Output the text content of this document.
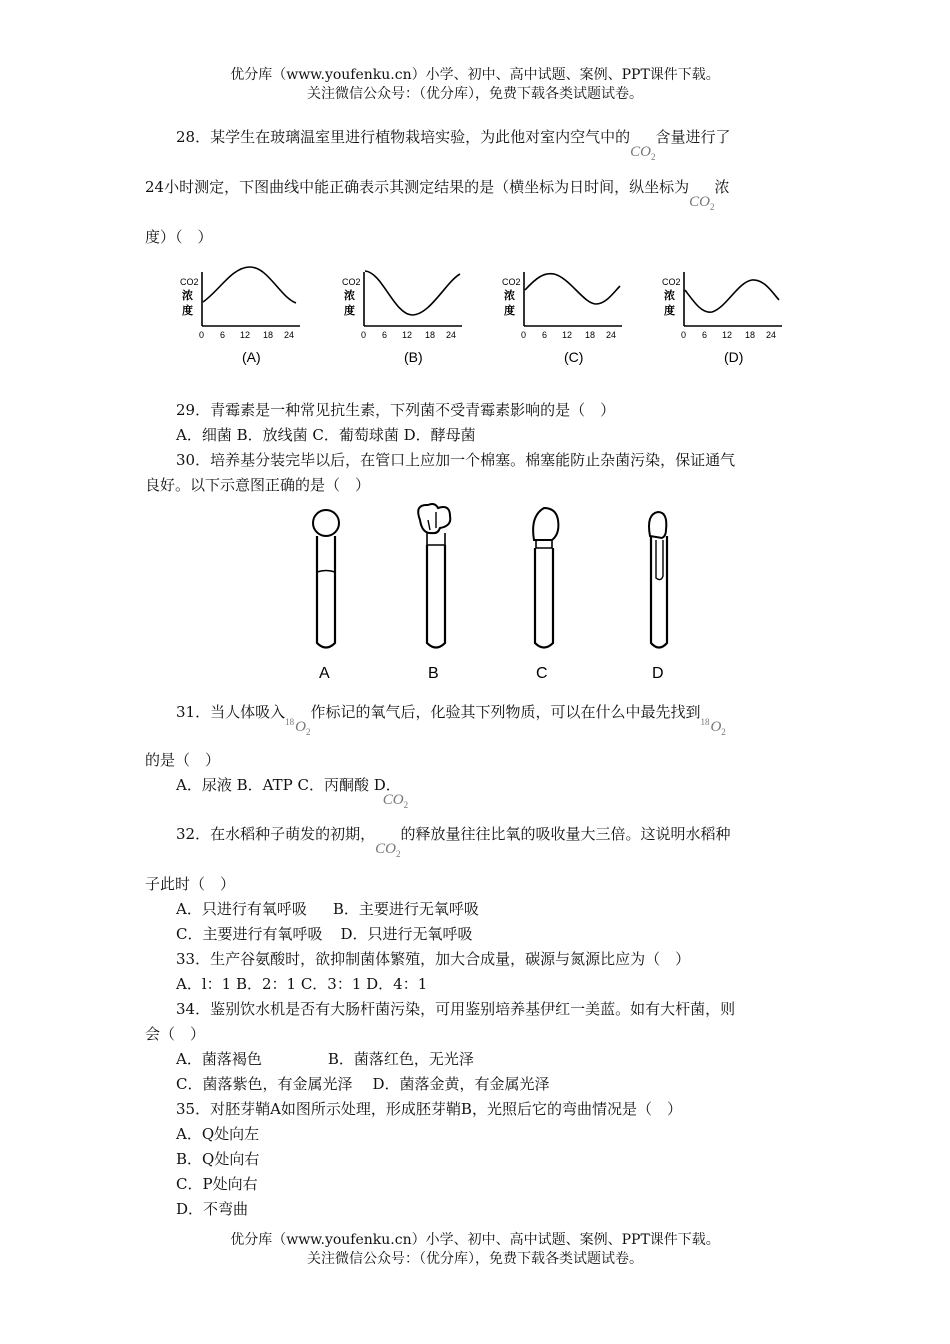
优分库（www.youfenku.cn）小学、初中、高中试题、案例、PPT课件下载。
关注微信公众号：（优分库），免费下载各类试题试卷。
28．某学生在玻璃温室里进行植物栽培实验，为此他对室内空气中的$CO_2$含量进行了
24小时测定，下图曲线中能正确表示其测定结果的是（横坐标为日时间，纵坐标为$CO_2$浓
度）（　）
CO2
浓
度
0 6 12 18 24
(A)
CO2
浓
度
0 6 12 18 24
(B)
CO2
浓
度
0 6 12 18 24
(C)
CO2
浓
度
0 6 12 18 24
(D)
29．青霉素是一种常见抗生素，下列菌不受青霉素影响的是（　）
A．细菌 B．放线菌 C．葡萄球菌 D．酵母菌
30．培养基分装完毕以后，在管口上应加一个棉塞。棉塞能防止杂菌污染，保证通气
良好。以下示意图正确的是（　）
A	B	C	D
31．当人体吸入$^{18}O_2$作标记的氧气后，化验其下列物质，可以在什么中最先找到$^{18}O_2$
的是（　）
A．尿液 B．ATP C．丙酮酸 D．$CO_2$
32．在水稻种子萌发的初期，$CO_2$的释放量往往比氧的吸收量大三倍。这说明水稻种
子此时（　）
A．只进行有氧呼吸 B．主要进行无氧呼吸
C．主要进行有氧呼吸 D．只进行无氧呼吸
33．生产谷氨酸时，欲抑制菌体繁殖，加大合成量，碳源与氮源比应为（　）
A．l：1 B．2：1 C．3：1 D．4：1
34．鉴别饮水机是否有大肠杆菌污染，可用鉴别培养基伊红一美蓝。如有大杆菌，则
会（　）
A．菌落褐色	B．菌落红色，无光泽
C．菌落紫色，有金属光泽 D．菌落金黄，有金属光泽
35．对胚芽鞘A如图所示处理，形成胚芽鞘B，光照后它的弯曲情况是（　）
A．Q处向左
B．Q处向右
C．P处向右
D．不弯曲
优分库（www.youfenku.cn）小学、初中、高中试题、案例、PPT课件下载。
关注微信公众号：（优分库），免费下载各类试题试卷。
